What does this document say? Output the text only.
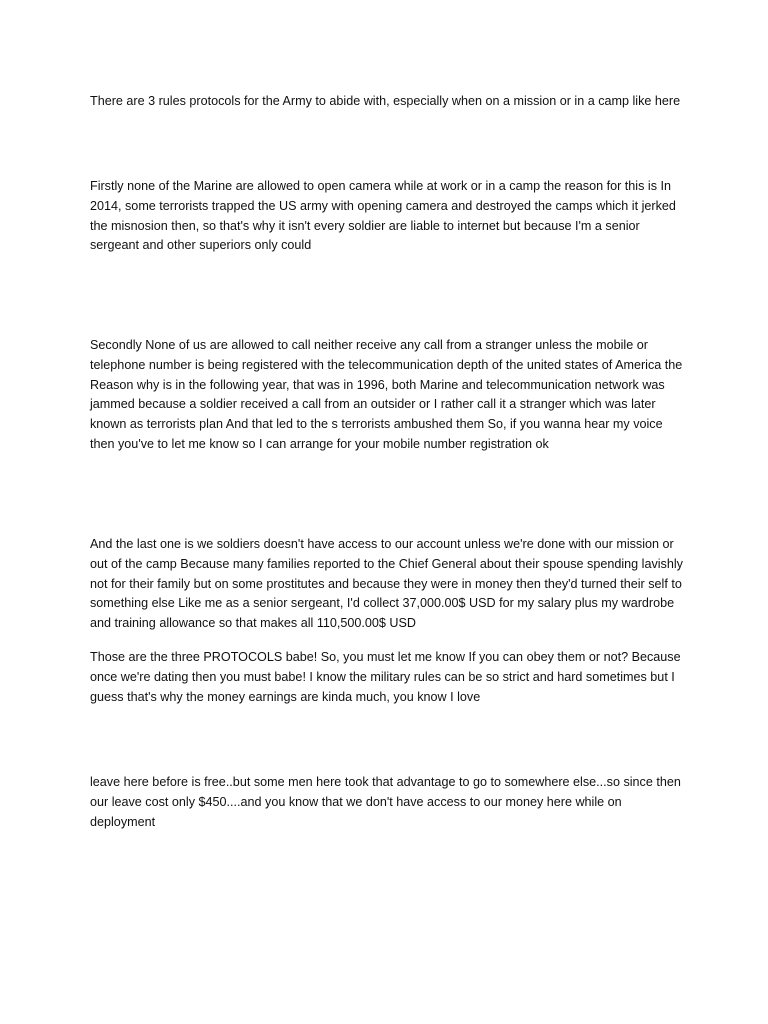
There are 3 rules protocols for the Army to abide with, especially when on a mission or in a camp like here

Firstly none of the Marine are allowed to open camera while at work or in a camp the reason for this is In 2014, some terrorists trapped the US army with opening camera and destroyed the camps which it jerked the misnosion then, so that's why it isn't every soldier are liable to internet but because I'm a senior sergeant and other superiors only could

Secondly None of us are allowed to call neither receive any call from a stranger unless the mobile or telephone number is being registered with the telecommunication depth of the united states of America the Reason why is in the following year, that was in 1996, both Marine and telecommunication network was jammed because a soldier received a call from an outsider or I rather call it a stranger which was later known as terrorists plan And that led to the s terrorists ambushed them So, if you wanna hear my voice then you've to let me know so I can arrange for your mobile number registration ok

And the last one is we soldiers doesn't have access to our account unless we're done with our mission or out of the camp Because many families reported to the Chief General about their spouse spending lavishly not for their family but on some prostitutes and because they were in money then they'd turned their self to something else Like me as a senior sergeant, I'd collect 37,000.00$ USD for my salary plus my wardrobe and training allowance so that makes all 110,500.00$ USD

Those are the three PROTOCOLS babe! So, you must let me know If you can obey them or not? Because once we're dating then you must babe! I know the military rules can be so strict and hard sometimes but I guess that's why the money earnings are kinda much, you know I love

leave here before is free..but some men here took that advantage to go to somewhere else...so since then our leave cost only $450....and you know that we don't have access to our money here while on deployment
